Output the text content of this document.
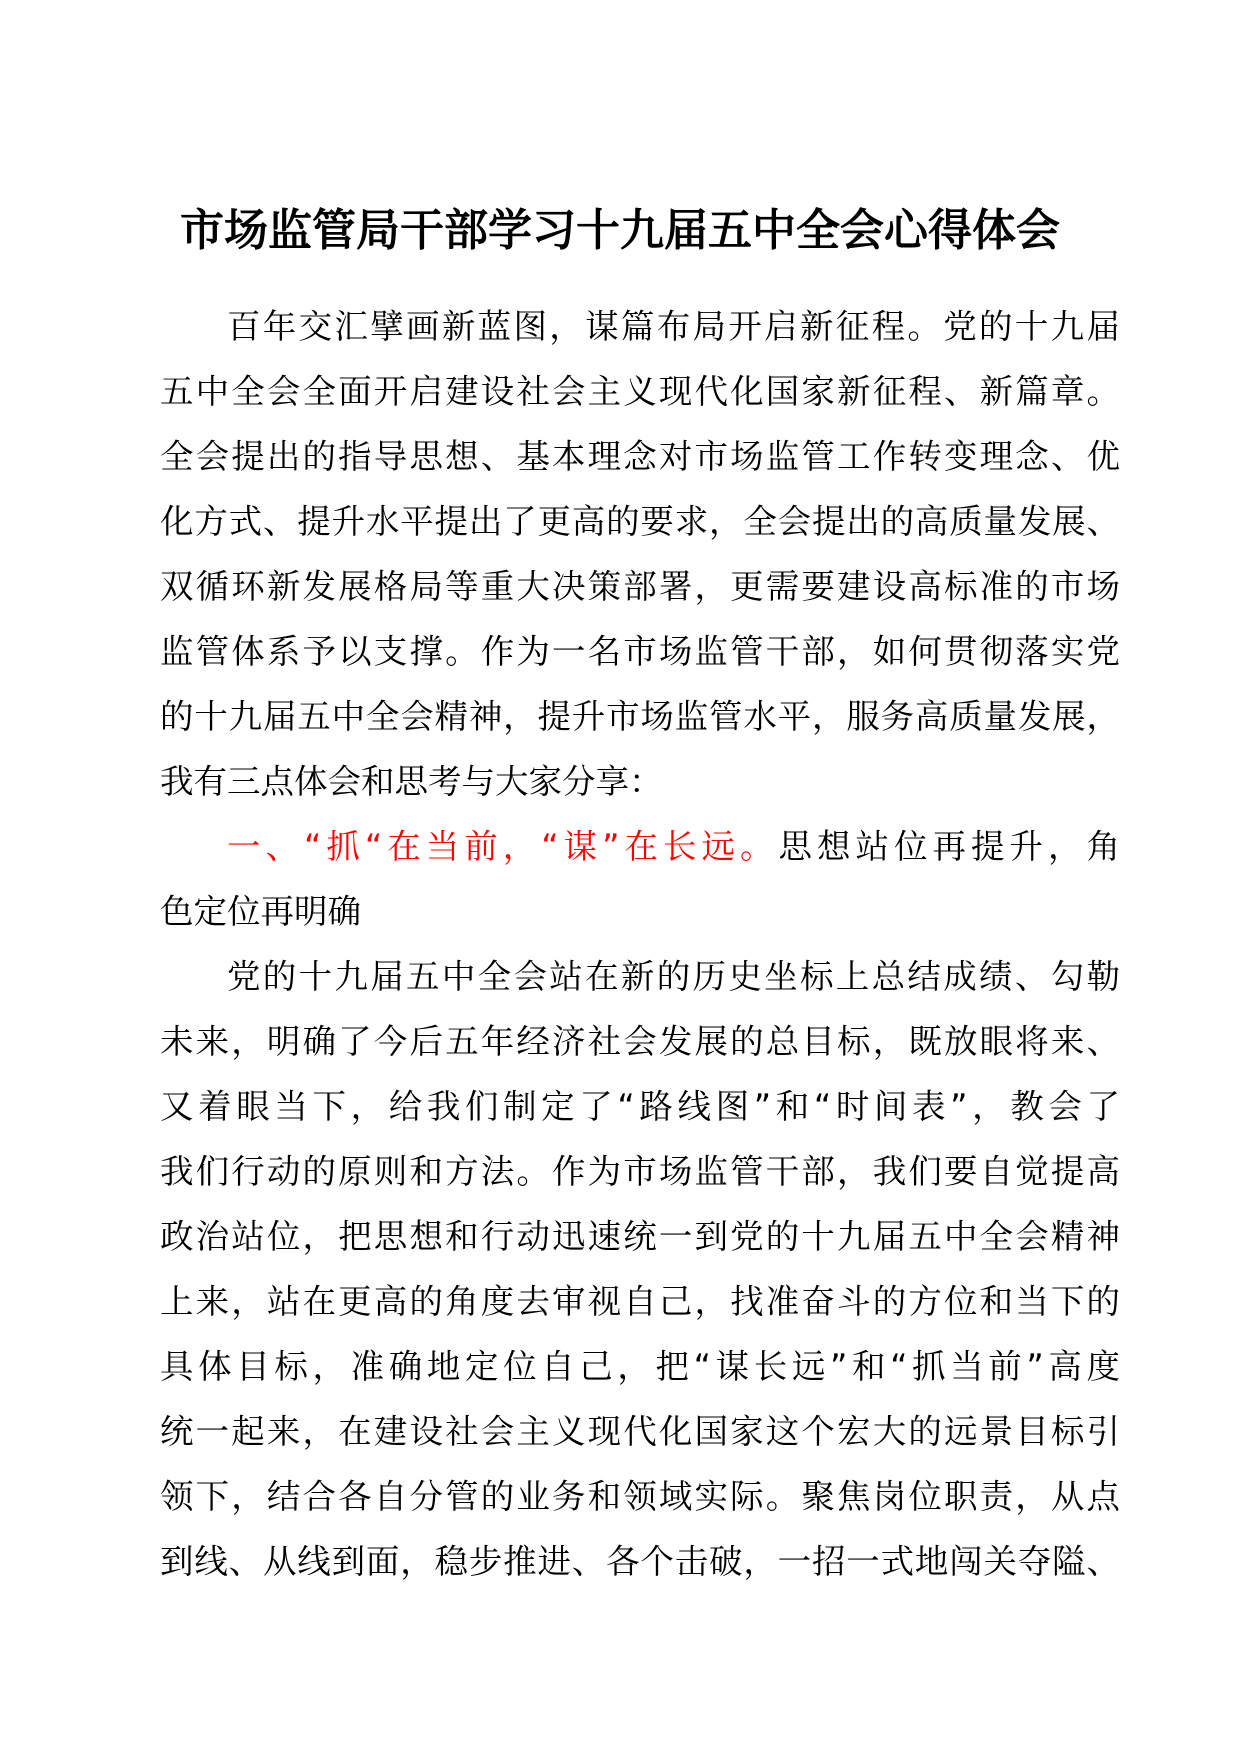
市场监管局干部学习十九届五中全会心得体会
百年交汇擘画新蓝图，谋篇布局开启新征程。党的十九届
五中全会全面开启建设社会主义现代化国家新征程、新篇章。
全会提出的指导思想、基本理念对市场监管工作转变理念、优
化方式、提升水平提出了更高的要求，全会提出的高质量发展、
双循环新发展格局等重大决策部署，更需要建设高标准的市场
监管体系予以支撑。作为一名市场监管干部，如何贯彻落实党
的十九届五中全会精神，提升市场监管水平，服务高质量发展，
我有三点体会和思考与大家分享：
一、“抓“在当前，“谋”在长远。思想站位再提升，角
色定位再明确
党的十九届五中全会站在新的历史坐标上总结成绩、勾勒
未来，明确了今后五年经济社会发展的总目标，既放眼将来、
又着眼当下，给我们制定了“路线图”和“时间表”，教会了
我们行动的原则和方法。作为市场监管干部，我们要自觉提高
政治站位，把思想和行动迅速统一到党的十九届五中全会精神
上来，站在更高的角度去审视自己，找准奋斗的方位和当下的
具体目标，准确地定位自己，把“谋长远”和“抓当前”高度
统一起来，在建设社会主义现代化国家这个宏大的远景目标引
领下，结合各自分管的业务和领域实际。聚焦岗位职责，从点
到线、从线到面，稳步推进、各个击破，一招一式地闯关夺隘、
